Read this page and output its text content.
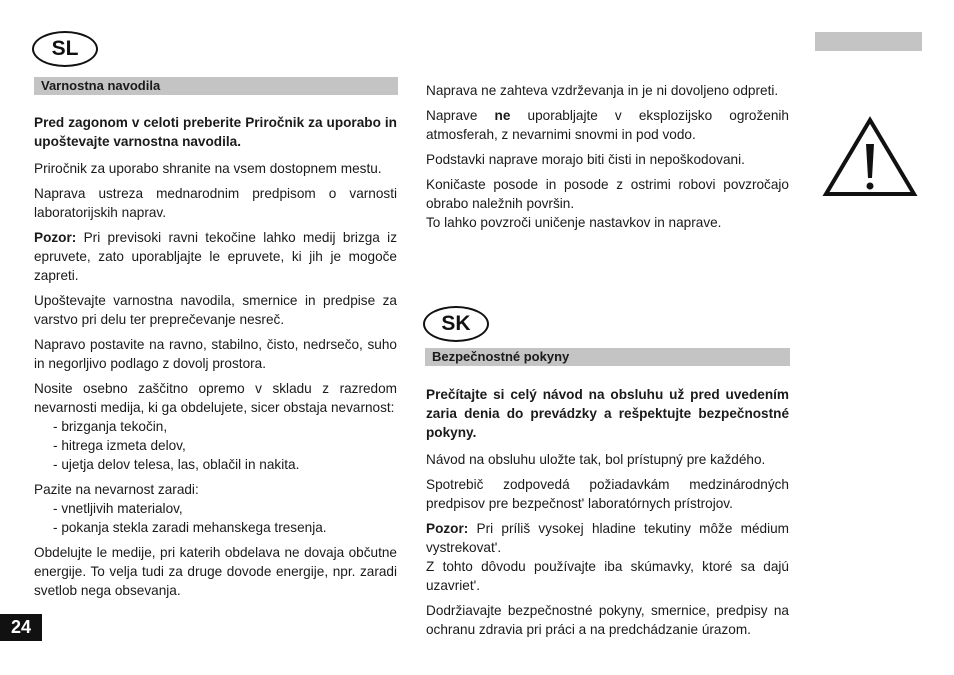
SL
Varnostna navodila

Pred zagonom v celoti preberite Priročnik za uporabo in upoštevajte varnostna navodila.

Priročnik za uporabo shranite na vsem dostopnem mestu.

Naprava ustreza mednarodnim predpisom o varnosti laboratorijskih naprav.

Pozor: Pri previsoki ravni tekočine lahko medij brizga iz epruvete, zato uporabljajte le epruvete, ki jih je mogoče zapreti.

Upoštevajte varnostna navodila, smernice in predpise za varstvo pri delu ter preprečevanje nesreč.

Napravo postavite na ravno, stabilno, čisto, nedrsečo, suho in negorljivo podlago z dovolj prostora.

Nosite osebno zaščitno opremo v skladu z razredom nevarnosti medija, ki ga obdelujete, sicer obstaja nevarnost:

- brizganja tekočin,
- hitrega izmeta delov,
- ujetja delov telesa, las, oblačil in nakita.

Pazite na nevarnost zaradi:

- vnetljivih materialov,
- pokanja stekla zaradi mehanskega tresenja.

Obdelujte le medije, pri katerih obdelava ne dovaja občutne energije. To velja tudi za druge dovode energije, npr. zaradi svetlob nega obsevanja.

Naprava ne zahteva vzdrževanja in je ni dovoljeno odpreti.

Naprave ne uporabljajte v eksplozijsko ogroženih atmosferah, z nevarnimi snovmi in pod vodo.

Podstavki naprave morajo biti čisti in nepoškodovani.

Koničaste posode in posode z ostrimi robovi povzročajo obrabo naležnih površin.

To lahko povzroči uničenje nastavkov in naprave.

SK
Bezpečnostné pokyny

Prečítajte si celý návod na obsluhu už pred uvedením zaria denia do prevádzky a rešpektujte bezpečnostné pokyny.

Návod na obsluhu uložte tak, bol prístupný pre každého.

Spotrebič zodpovedá požiadavkám medzinárodných predpisov pre bezpečnost' laboratórnych prístrojov.

Pozor: Pri príliš vysokej hladine tekutiny môže médium vystrekovat'.

Z tohto dôvodu používajte iba skúmavky, ktoré sa dajú uzavriet'.

Dodržiavajte bezpečnostné pokyny, smernice, predpisy na ochranu zdravia pri práci a na predchádzanie úrazom.

24
